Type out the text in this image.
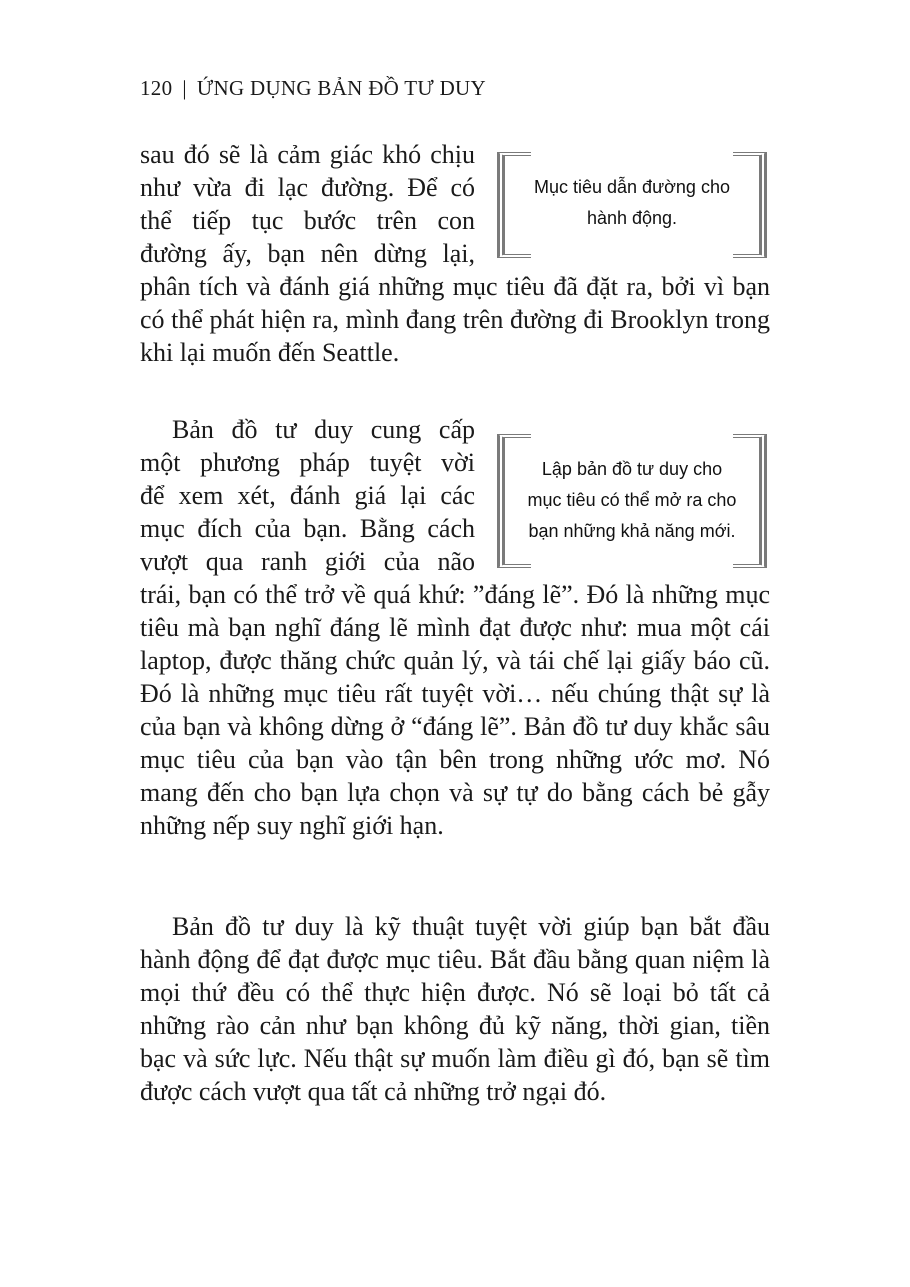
120 | ỨNG DỤNG BẢN ĐỒ TƯ DUY
Mục tiêu dẫn đường cho
hành động.
Lập bản đồ tư duy cho
mục tiêu có thể mở ra cho
bạn những khả năng mới.

sau đó sẽ là cảm giác khó chịu

như vừa đi lạc đường. Để có

thể tiếp tục bước trên con

đường ấy, bạn nên dừng lại,

phân tích và đánh giá những mục tiêu đã đặt ra, bởi vì bạn có thể phát hiện ra, mình đang trên đường đi Brooklyn trong khi lại muốn đến Seattle.

Bản đồ tư duy cung cấp

một phương pháp tuyệt vời

để xem xét, đánh giá lại các

mục đích của bạn. Bằng cách

vượt qua ranh giới của não

trái, bạn có thể trở về quá khứ: ”đáng lẽ”. Đó là những mục tiêu mà bạn nghĩ đáng lẽ mình đạt được như: mua một cái laptop, được thăng chức quản lý, và tái chế lại giấy báo cũ. Đó là những mục tiêu rất tuyệt vời… nếu chúng thật sự là của bạn và không dừng ở “đáng lẽ”. Bản đồ tư duy khắc sâu mục tiêu của bạn vào tận bên trong những ước mơ. Nó mang đến cho bạn lựa chọn và sự tự do bằng cách bẻ gẫy những nếp suy nghĩ giới hạn.

Bản đồ tư duy là kỹ thuật tuyệt vời giúp bạn bắt đầu hành động để đạt được mục tiêu. Bắt đầu bằng quan niệm là mọi thứ đều có thể thực hiện được. Nó sẽ loại bỏ tất cả những rào cản như bạn không đủ kỹ năng, thời gian, tiền bạc và sức lực. Nếu thật sự muốn làm điều gì đó, bạn sẽ tìm được cách vượt qua tất cả những trở ngại đó.
